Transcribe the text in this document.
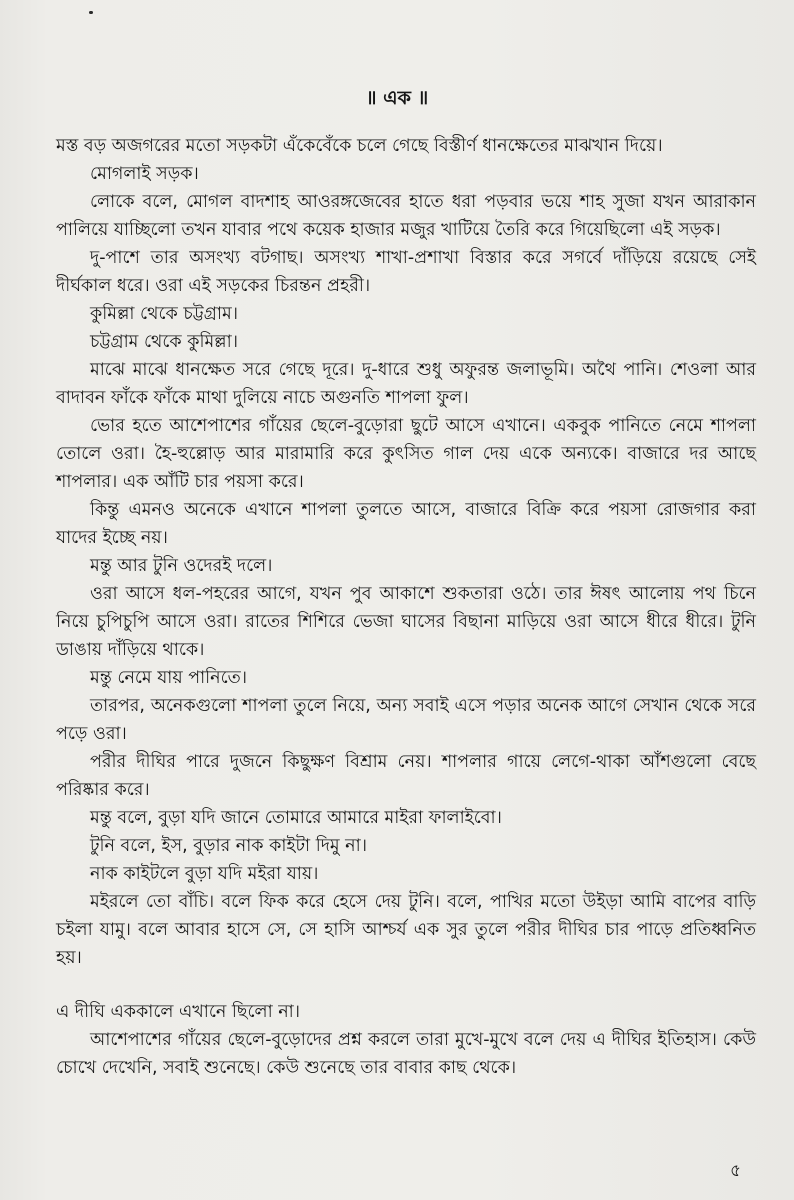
॥ এক ॥

মস্ত বড় অজগরের মতো সড়কটা এঁকেবেঁকে চলে গেছে বিস্তীর্ণ ধানক্ষেতের মাঝখান দিয়ে।

মোগলাই সড়ক।

লোকে বলে, মোগল বাদশাহ আওরঙ্গজেবের হাতে ধরা পড়বার ভয়ে শাহ সুজা যখন আরাকান পালিয়ে যাচ্ছিলো তখন যাবার পথে কয়েক হাজার মজুর খাটিয়ে তৈরি করে গিয়েছিলো এই সড়ক।

দু-পাশে তার অসংখ্য বটগাছ। অসংখ্য শাখা-প্রশাখা বিস্তার করে সগর্বে দাঁড়িয়ে রয়েছে সেই দীর্ঘকাল ধরে। ওরা এই সড়কের চিরন্তন প্রহরী।

কুমিল্লা থেকে চট্টগ্রাম।

চট্টগ্রাম থেকে কুমিল্লা।

মাঝে মাঝে ধানক্ষেত সরে গেছে দূরে। দু-ধারে শুধু অফুরন্ত জলাভূমি। অথৈ পানি। শেওলা আর বাদাবন ফাঁকে ফাঁকে মাথা দুলিয়ে নাচে অগুনতি শাপলা ফুল।

ভোর হতে আশেপাশের গাঁয়ের ছেলে-বুড়োরা ছুটে আসে এখানে। একবুক পানিতে নেমে শাপলা তোলে ওরা। হৈ-হুল্লোড় আর মারামারি করে কুৎসিত গাল দেয় একে অন্যকে। বাজারে দর আছে শাপলার। এক আঁটি চার পয়সা করে।

কিন্তু এমনও অনেকে এখানে শাপলা তুলতে আসে, বাজারে বিক্রি করে পয়সা রোজগার করা যাদের ইচ্ছে নয়।

মন্তু আর টুনি ওদেরই দলে।

ওরা আসে ধল-পহরের আগে, যখন পুব আকাশে শুকতারা ওঠে। তার ঈষৎ আলোয় পথ চিনে নিয়ে চুপিচুপি আসে ওরা। রাতের শিশিরে ভেজা ঘাসের বিছানা মাড়িয়ে ওরা আসে ধীরে ধীরে। টুনি ডাঙায় দাঁড়িয়ে থাকে।

মন্তু নেমে যায় পানিতে।

তারপর, অনেকগুলো শাপলা তুলে নিয়ে, অন্য সবাই এসে পড়ার অনেক আগে সেখান থেকে সরে পড়ে ওরা।

পরীর দীঘির পারে দুজনে কিছুক্ষণ বিশ্রাম নেয়। শাপলার গায়ে লেগে-থাকা আঁশগুলো বেছে পরিষ্কার করে।

মন্তু বলে, বুড়া যদি জানে তোমারে আমারে মাইরা ফালাইবো।

টুনি বলে, ইস, বুড়ার নাক কাইটা দিমু না।

নাক কাইটলে বুড়া যদি মইরা যায়।

মইরলে তো বাঁচি। বলে ফিক করে হেসে দেয় টুনি। বলে, পাখির মতো উইড়া আমি বাপের বাড়ি চইলা যামু। বলে আবার হাসে সে, সে হাসি আশ্চর্য এক সুর তুলে পরীর দীঘির চার পাড়ে প্রতিধ্বনিত হয়।

এ দীঘি এককালে এখানে ছিলো না।

আশেপাশের গাঁয়ের ছেলে-বুড়োদের প্রশ্ন করলে তারা মুখে-মুখে বলে দেয় এ দীঘির ইতিহাস। কেউ চোখে দেখেনি, সবাই শুনেছে। কেউ শুনেছে তার বাবার কাছ থেকে।

৫
